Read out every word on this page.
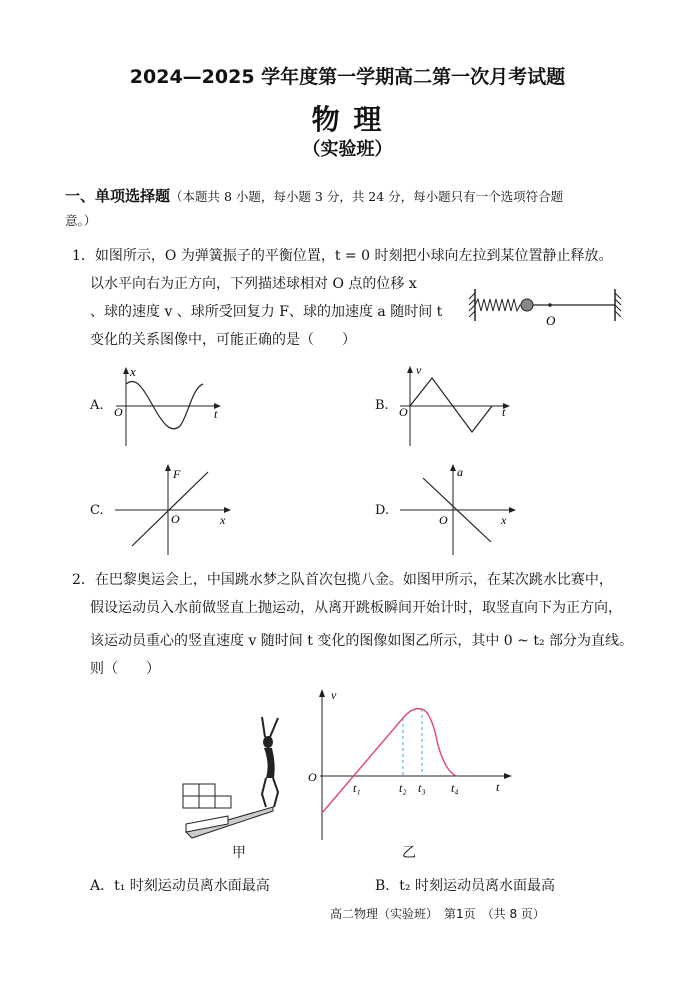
2024—2025 学年度第一学期高二第一次月考试题
物 理
（实验班）
一、单项选择题（本题共 8 小题，每小题 3 分，共 24 分，每小题只有一个选项符合题
意。）
1．如图所示，O 为弹簧振子的平衡位置，t = 0 时刻把小球向左拉到某位置静止释放。
以水平向右为正方向，下列描述球相对 O 点的位移 x
、球的速度 v 、球所受回复力 F、球的加速度 a 随时间 t
变化的关系图像中，可能正确的是（　　）
O
A.
x
t
O	B.
v
t
O
C.
F
x
O
D.
a
x
O
2．在巴黎奥运会上，中国跳水梦之队首次包揽八金。如图甲所示，在某次跳水比赛中，
假设运动员入水前做竖直上抛运动，从离开跳板瞬间开始计时，取竖直向下为正方向，
该运动员重心的竖直速度 v 随时间 t 变化的图像如图乙所示，其中 0 ~ t₂ 部分为直线。
则（　　）
甲
v
t
O
t₁	t₂ t₃ t₄
乙
A．t₁ 时刻运动员离水面最高	B．t₂ 时刻运动员离水面最高
高二物理（实验班）　第1页　（共 8 页）
